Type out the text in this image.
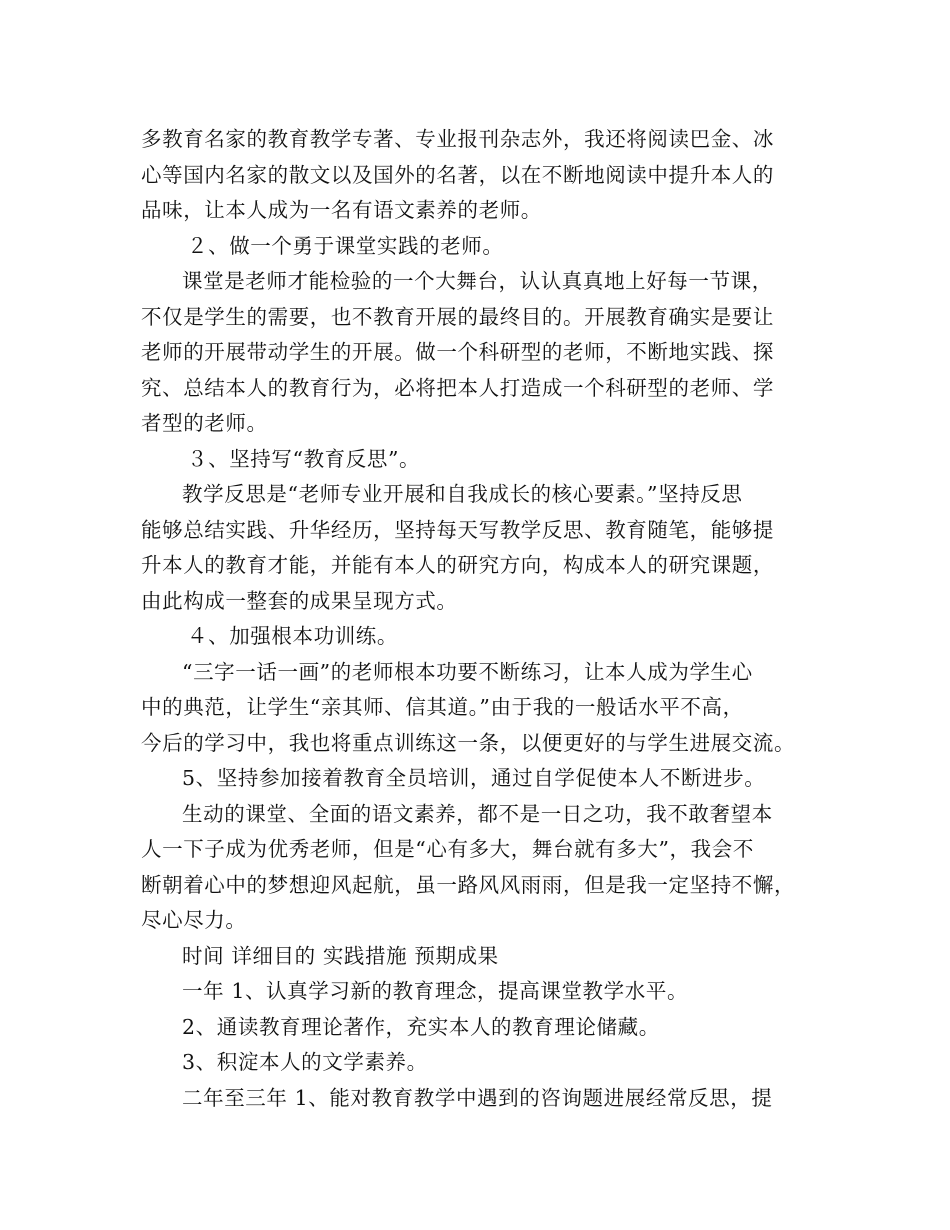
多教育名家的教育教学专著、专业报刊杂志外，我还将阅读巴金、冰
心等国内名家的散文以及国外的名著，以在不断地阅读中提升本人的
品味，让本人成为一名有语文素养的老师。
２、做一个勇于课堂实践的老师。
课堂是老师才能检验的一个大舞台，认认真真地上好每一节课，
不仅是学生的需要，也不教育开展的最终目的。开展教育确实是要让
老师的开展带动学生的开展。做一个科研型的老师，不断地实践、探
究、总结本人的教育行为，必将把本人打造成一个科研型的老师、学
者型的老师。
３、坚持写“教育反思”。
教学反思是“老师专业开展和自我成长的核心要素。”坚持反思
能够总结实践、升华经历，坚持每天写教学反思、教育随笔，能够提
升本人的教育才能，并能有本人的研究方向，构成本人的研究课题，
由此构成一整套的成果呈现方式。
４、加强根本功训练。
“三字一话一画”的老师根本功要不断练习，让本人成为学生心
中的典范，让学生“亲其师、信其道。”由于我的一般话水平不高，
今后的学习中，我也将重点训练这一条，以便更好的与学生进展交流。
5、坚持参加接着教育全员培训，通过自学促使本人不断进步。
生动的课堂、全面的语文素养，都不是一日之功，我不敢奢望本
人一下子成为优秀老师，但是“心有多大，舞台就有多大”，我会不
断朝着心中的梦想迎风起航，虽一路风风雨雨，但是我一定坚持不懈，
尽心尽力。
时间 详细目的 实践措施 预期成果
一年 1、认真学习新的教育理念，提高课堂教学水平。
2、通读教育理论著作，充实本人的教育理论储藏。
3、积淀本人的文学素养。
二年至三年 1、能对教育教学中遇到的咨询题进展经常反思，提
